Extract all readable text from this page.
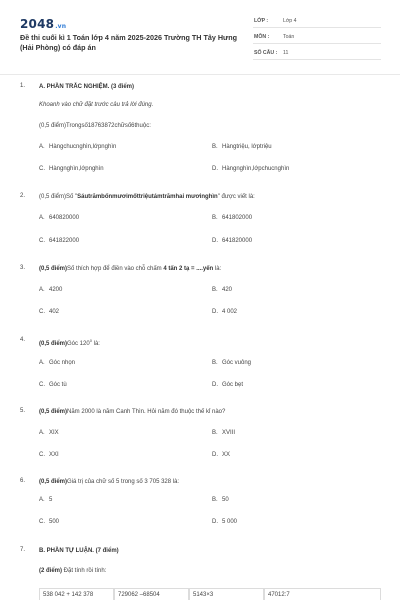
2048.vn
Đề thi cuối kì 1 Toán lớp 4 năm 2025-2026 Trường TH Tây Hưng (Hải Phòng) có đáp án
LỚP :	Lớp 4
MÔN :	Toán
SỐ CÂU : 11
1. A. PHẦN TRẮC NGHIỆM. (3 điểm)
Khoanh vào chữ đặt trước câu trả lời đúng.
(0,5 điểm)Trongsố18763872chữsố6thuộc:
A. Hàngchucnghìn,lớpnghìn	B. Hàngtriệu, lớptriệu
C. Hàngnghìn,lớpnghìn	D. Hàngnghìn,lớpchucnghìn
2. (0,5 điểm)Số "Sáutrămbốnmươimốttriệutámtrămhai mươinghìn" được viết là:
A. 640820000	B. 641802000
C. 641822000	D. 641820000
3. (0,5 điểm)Số thích hợp để điền vào chỗ chấm 4 tấn 2 tạ = ....yến là:
A. 4200	B. 420
C. 402	D. 4 002
4.
(0,5 điểm)Góc $120^0$ là:
A. Góc nhọn	B. Góc vuông
C. Góc tù	D. Góc bẹt
5. (0,5 điểm)Năm 2000 là năm Canh Thìn. Hỏi năm đó thuộc thế kỉ nào?
A. XIX	B. XVIII
C. XXI	D. XX
6. (0,5 điểm)Giá trị của chữ số 5 trong số 3 705 328 là:
A. 5	B. 50
C. 500	D. 5 000
7. B. PHẦN TỰ LUẬN. (7 điểm)
(2 điểm) Đặt tính rồi tính:
538 042 + 142 378	729062 –68504	5143×3	47012:7
